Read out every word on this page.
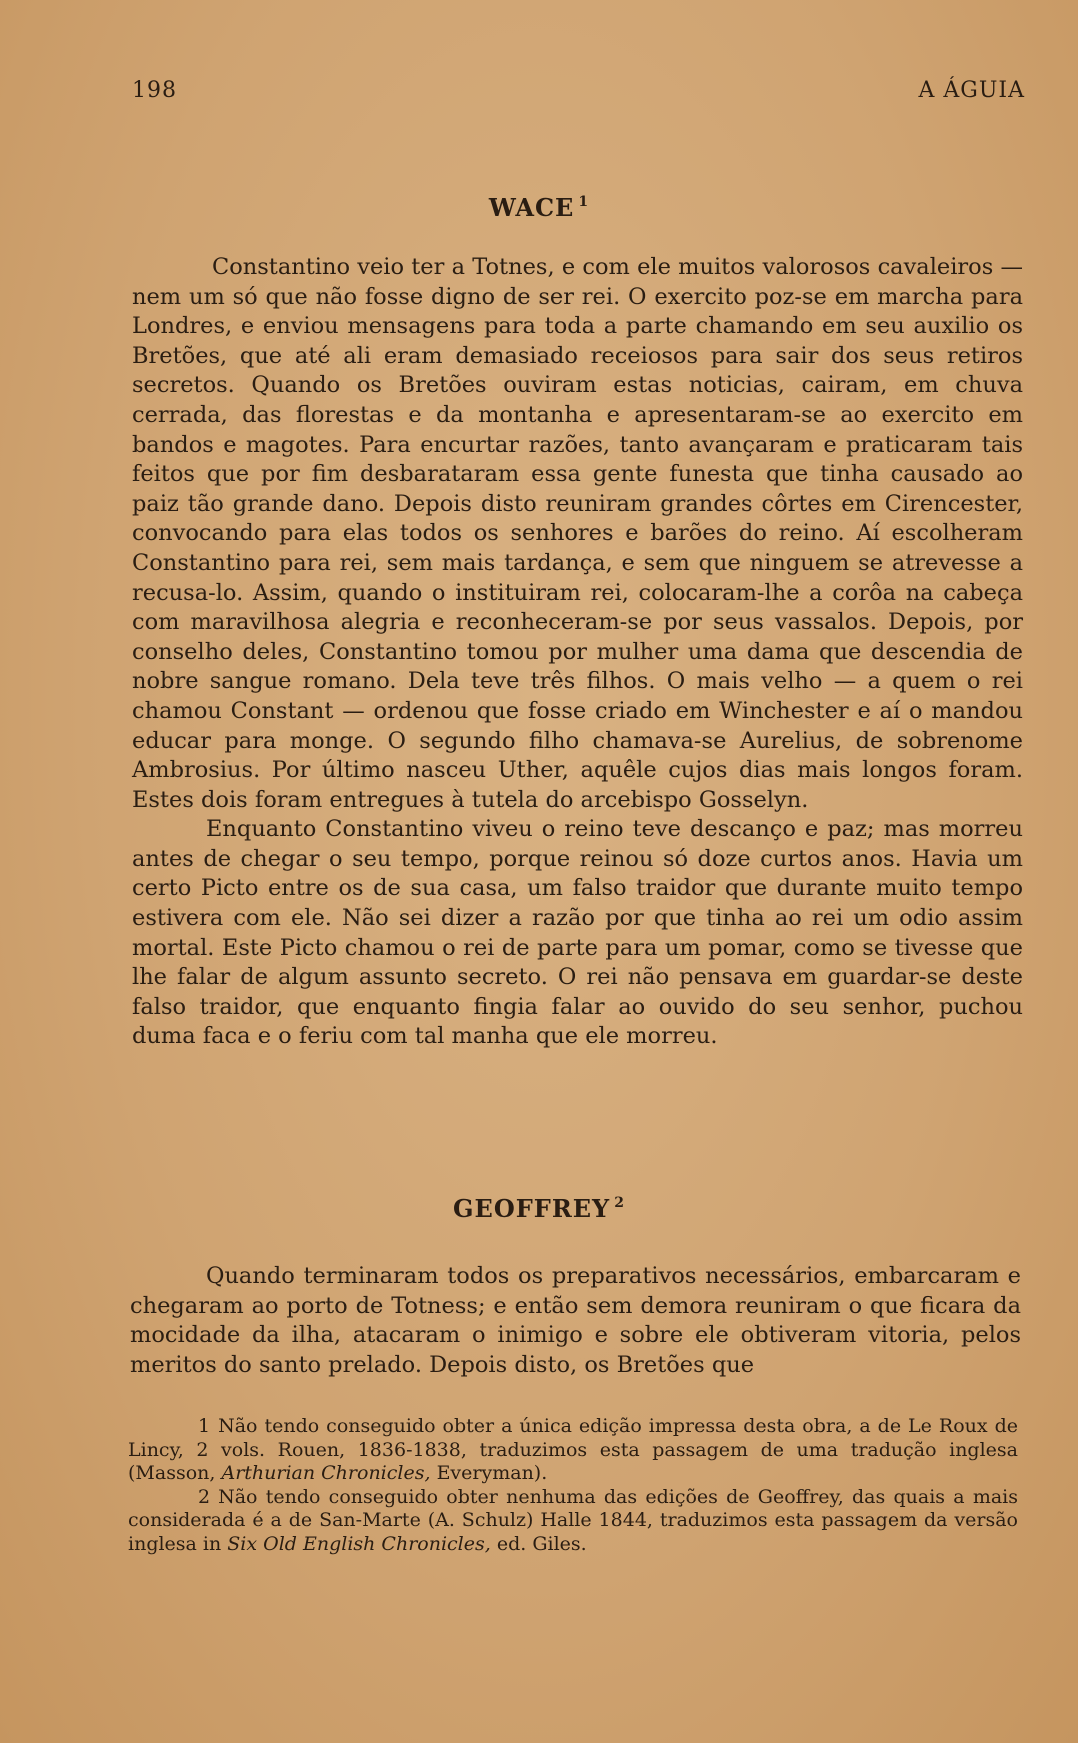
198	A ÁGUIA
WACE $^1$

Constantino veio ter a Totnes, e com ele muitos valorosos cavaleiros — nem um só que não fosse digno de ser rei. O exercito poz-se em marcha para Londres, e enviou mensagens para toda a parte chamando em seu auxilio os Bretões, que até ali eram demasiado receiosos para sair dos seus retiros secretos. Quando os Bretões ouviram estas noticias, cairam, em chuva cerrada, das florestas e da montanha e apresentaram-se ao exercito em bandos e magotes. Para encurtar razões, tanto avançaram e praticaram tais feitos que por fim desbarataram essa gente funesta que tinha causado ao paiz tão grande dano. Depois disto reuniram grandes côrtes em Cirencester, convocando para elas todos os senhores e barões do reino. Aí escolheram Constantino para rei, sem mais tardança, e sem que ninguem se atrevesse a recusa-lo. Assim, quando o instituiram rei, colocaram-lhe a corôa na cabeça com maravilhosa alegria e reconheceram-se por seus vassalos. Depois, por conselho deles, Constantino tomou por mulher uma dama que descendia de nobre sangue romano. Dela teve três filhos. O mais velho — a quem o rei chamou Constant — ordenou que fosse criado em Winchester e aí o mandou educar para monge. O segundo filho chamava-se Aurelius, de sobrenome Ambrosius. Por último nasceu Uther, aquêle cujos dias mais longos foram. Estes dois foram entregues à tutela do arcebispo Gosselyn.

Enquanto Constantino viveu o reino teve descanço e paz; mas morreu antes de chegar o seu tempo, porque reinou só doze curtos anos. Havia um certo Picto entre os de sua casa, um falso traidor que durante muito tempo estivera com ele. Não sei dizer a razão por que tinha ao rei um odio assim mortal. Este Picto chamou o rei de parte para um pomar, como se tivesse que lhe falar de algum assunto secreto. O rei não pensava em guardar-se deste falso traidor, que enquanto fingia falar ao ouvido do seu senhor, puchou duma faca e o feriu com tal manha que ele morreu.

GEOFFREY $^2$

Quando terminaram todos os preparativos necessários, embarcaram e chegaram ao porto de Totness; e então sem demora reuniram o que ficara da mocidade da ilha, atacaram o inimigo e sobre ele obtiveram vitoria, pelos meritos do santo prelado. Depois disto, os Bretões que

1 Não tendo conseguido obter a única edição impressa desta obra, a de Le Roux de Lincy, 2 vols. Rouen, 1836-1838, traduzimos esta passagem de uma tradução inglesa (Masson, Arthurian Chronicles, Everyman).

2 Não tendo conseguido obter nenhuma das edições de Geoffrey, das quais a mais considerada é a de San-Marte (A. Schulz) Halle 1844, traduzimos esta passagem da versão inglesa in Six Old English Chronicles, ed. Giles.
